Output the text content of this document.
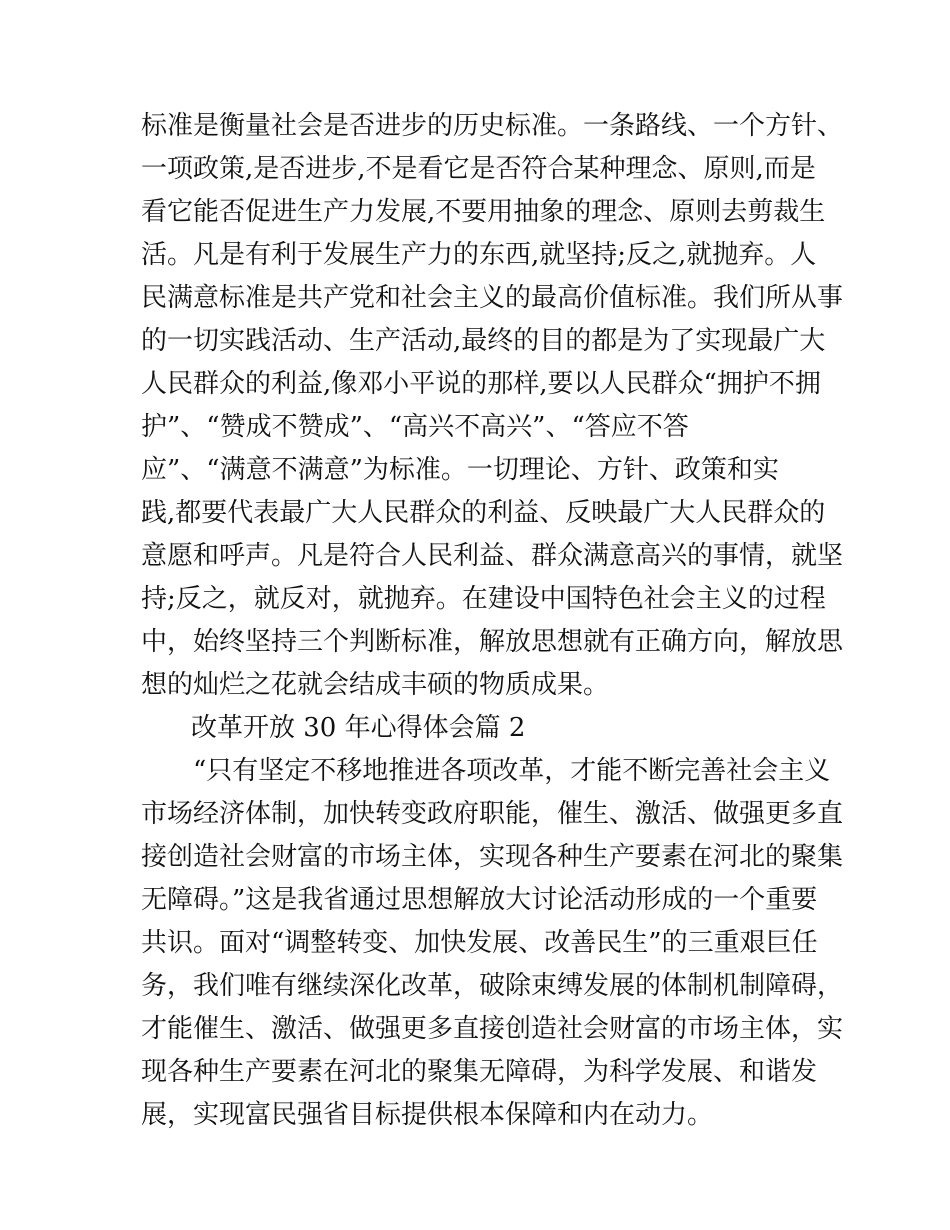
标准是衡量社会是否进步的历史标准。一条路线、一个方针、
一项政策,是否进步,不是看它是否符合某种理念、原则,而是
看它能否促进生产力发展,不要用抽象的理念、原则去剪裁生
活。凡是有利于发展生产力的东西,就坚持;反之,就抛弃。人
民满意标准是共产党和社会主义的最高价值标准。我们所从事
的一切实践活动、生产活动,最终的目的都是为了实现最广大
人民群众的利益,像邓小平说的那样,要以人民群众“拥护不拥
护”、“赞成不赞成”、“高兴不高兴”、“答应不答
应”、“满意不满意”为标准。一切理论、方针、政策和实
践,都要代表最广大人民群众的利益、反映最广大人民群众的
意愿和呼声。凡是符合人民利益、群众满意高兴的事情，就坚
持;反之，就反对，就抛弃。在建设中国特色社会主义的过程
中，始终坚持三个判断标准，解放思想就有正确方向，解放思
想的灿烂之花就会结成丰硕的物质成果。
改革开放 30 年心得体会篇 2
“只有坚定不移地推进各项改革，才能不断完善社会主义
市场经济体制，加快转变政府职能，催生、激活、做强更多直
接创造社会财富的市场主体，实现各种生产要素在河北的聚集
无障碍。”这是我省通过思想解放大讨论活动形成的一个重要
共识。面对“调整转变、加快发展、改善民生”的三重艰巨任
务，我们唯有继续深化改革，破除束缚发展的体制机制障碍，
才能催生、激活、做强更多直接创造社会财富的市场主体，实
现各种生产要素在河北的聚集无障碍，为科学发展、和谐发
展，实现富民强省目标提供根本保障和内在动力。
